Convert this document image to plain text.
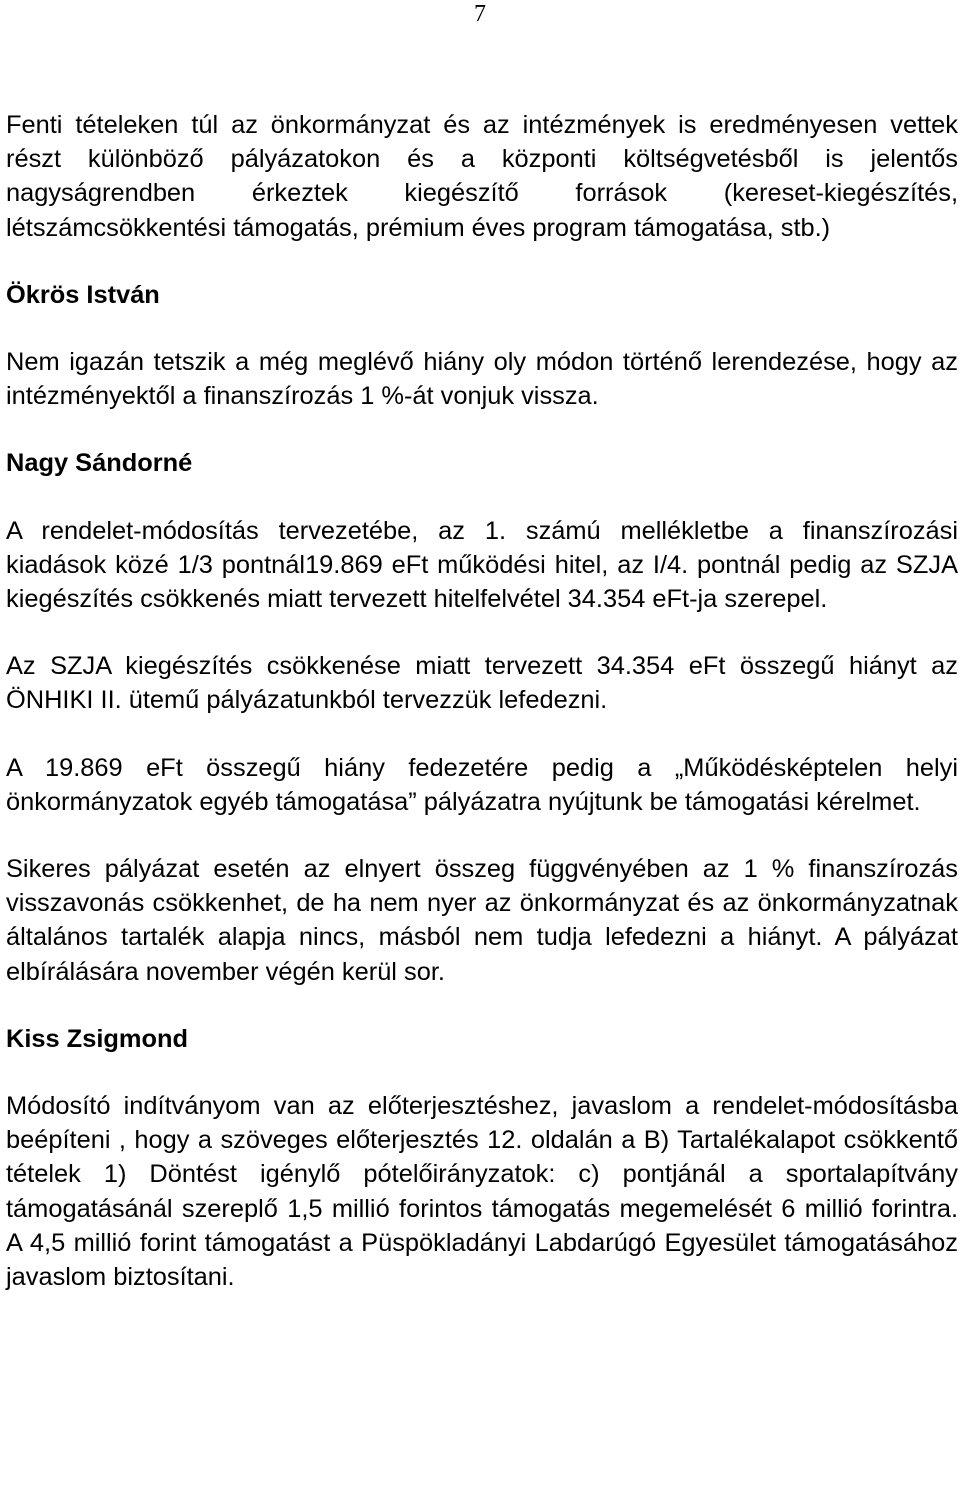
7

Fenti tételeken túl az önkormányzat és az intézmények is eredményesen vettek részt különböző pályázatokon és a központi költségvetésből is jelentős nagyságrendben érkeztek kiegészítő források (kereset-kiegészítés, létszámcsökkentési támogatás, prémium éves program támogatása, stb.)

Ökrös István

Nem igazán tetszik a még meglévő hiány oly módon történő lerendezése, hogy az intézményektől a finanszírozás 1 %-át vonjuk vissza.

Nagy Sándorné

A rendelet-módosítás tervezetébe, az 1. számú mellékletbe a finanszírozási kiadások közé 1/3 pontnál19.869 eFt működési hitel, az I/4. pontnál pedig az SZJA kiegészítés csökkenés miatt tervezett hitelfelvétel 34.354 eFt-ja szerepel.

Az SZJA kiegészítés csökkenése miatt tervezett 34.354 eFt összegű hiányt az ÖNHIKI II. ütemű pályázatunkból tervezzük lefedezni.

A 19.869 eFt összegű hiány fedezetére pedig a „Működésképtelen helyi önkormányzatok egyéb támogatása” pályázatra nyújtunk be támogatási kérelmet.

Sikeres pályázat esetén az elnyert összeg függvényében az 1 % finanszírozás visszavonás csökkenhet, de ha nem nyer az önkormányzat és az önkormányzatnak általános tartalék alapja nincs, másból nem tudja lefedezni a hiányt. A pályázat elbírálására november végén kerül sor.

Kiss Zsigmond

Módosító indítványom van az előterjesztéshez, javaslom a rendelet-módosításba beépíteni , hogy a szöveges előterjesztés 12. oldalán a B) Tartalékalapot csökkentő tételek 1) Döntést igénylő pótelőirányzatok: c) pontjánál a sportalapítvány támogatásánál szereplő 1,5 millió forintos támogatás megemelését 6 millió forintra. A 4,5 millió forint támogatást a Püspökladányi Labdarúgó Egyesület támogatásához javaslom biztosítani.
